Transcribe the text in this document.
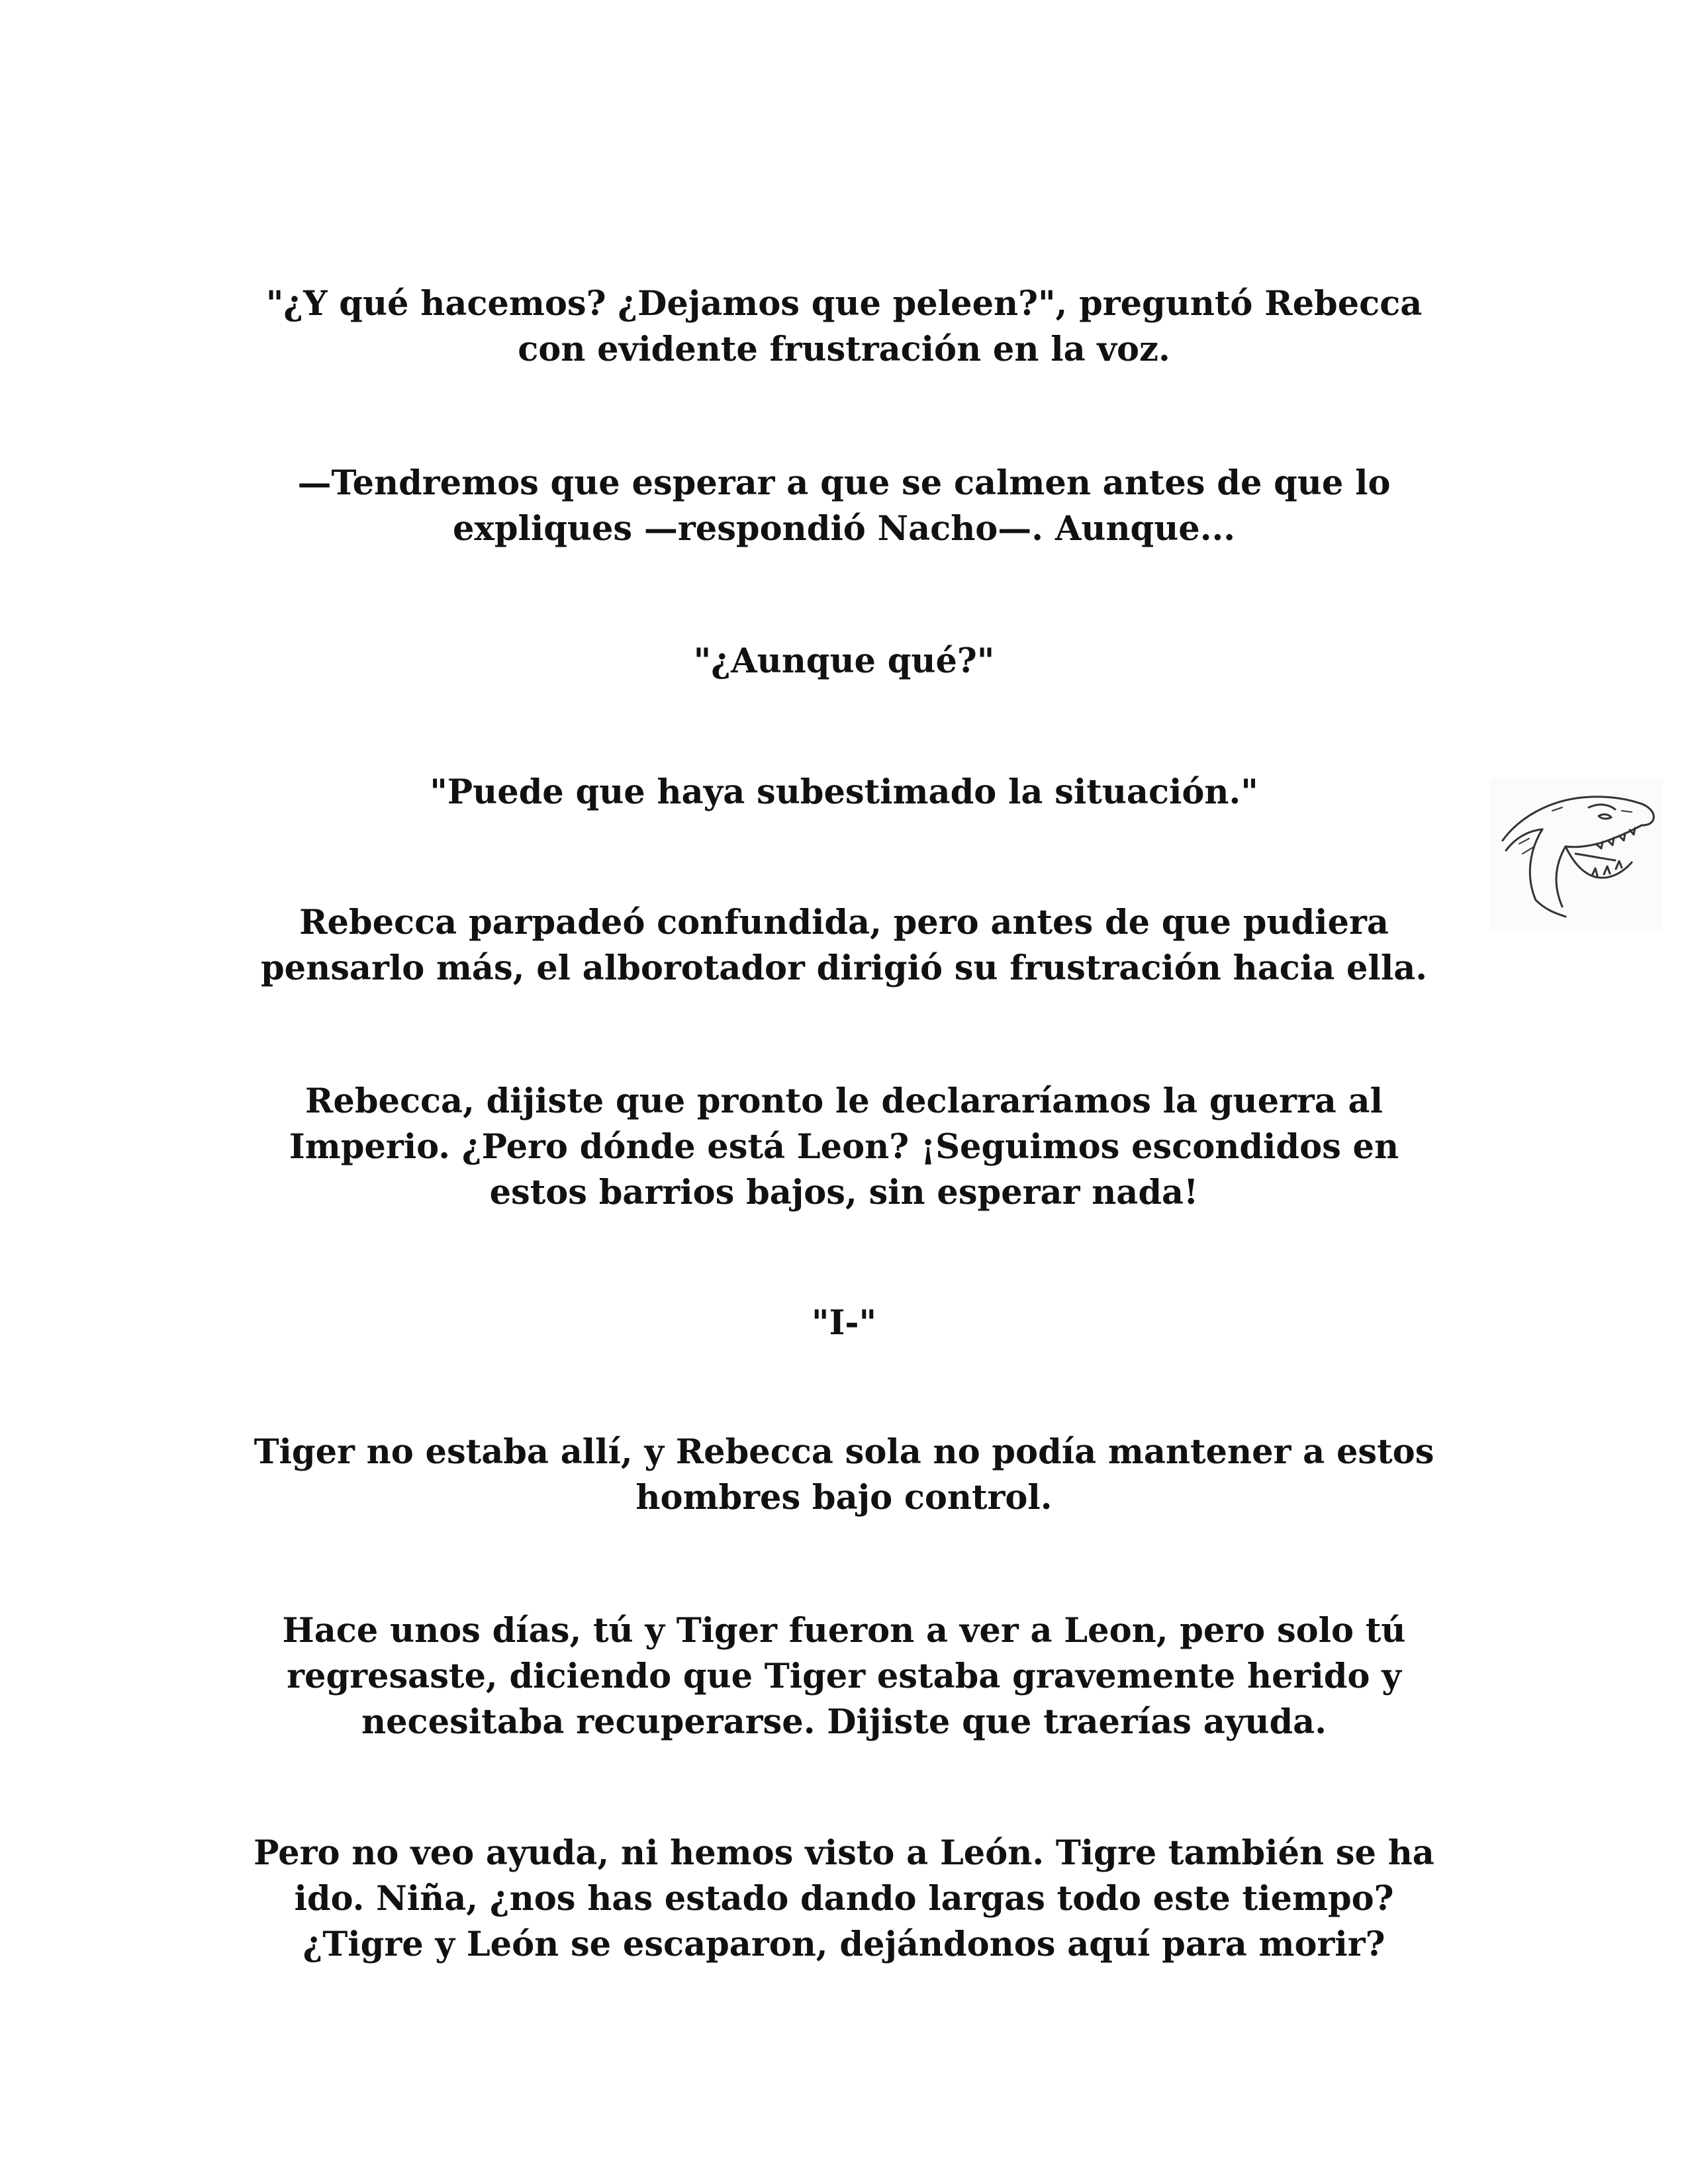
"¿Y qué hacemos? ¿Dejamos que peleen?", preguntó Rebecca
con evidente frustración en la voz.

—Tendremos que esperar a que se calmen antes de que lo
expliques —respondió Nacho—. Aunque...

"¿Aunque qué?"

"Puede que haya subestimado la situación."

Rebecca parpadeó confundida, pero antes de que pudiera
pensarlo más, el alborotador dirigió su frustración hacia ella.

Rebecca, dijiste que pronto le declararíamos la guerra al
Imperio. ¿Pero dónde está Leon? ¡Seguimos escondidos en
estos barrios bajos, sin esperar nada!

"I-"

Tiger no estaba allí, y Rebecca sola no podía mantener a estos
hombres bajo control.

Hace unos días, tú y Tiger fueron a ver a Leon, pero solo tú
regresaste, diciendo que Tiger estaba gravemente herido y
necesitaba recuperarse. Dijiste que traerías ayuda.

Pero no veo ayuda, ni hemos visto a León. Tigre también se ha
ido. Niña, ¿nos has estado dando largas todo este tiempo?
¿Tigre y León se escaparon, dejándonos aquí para morir?
